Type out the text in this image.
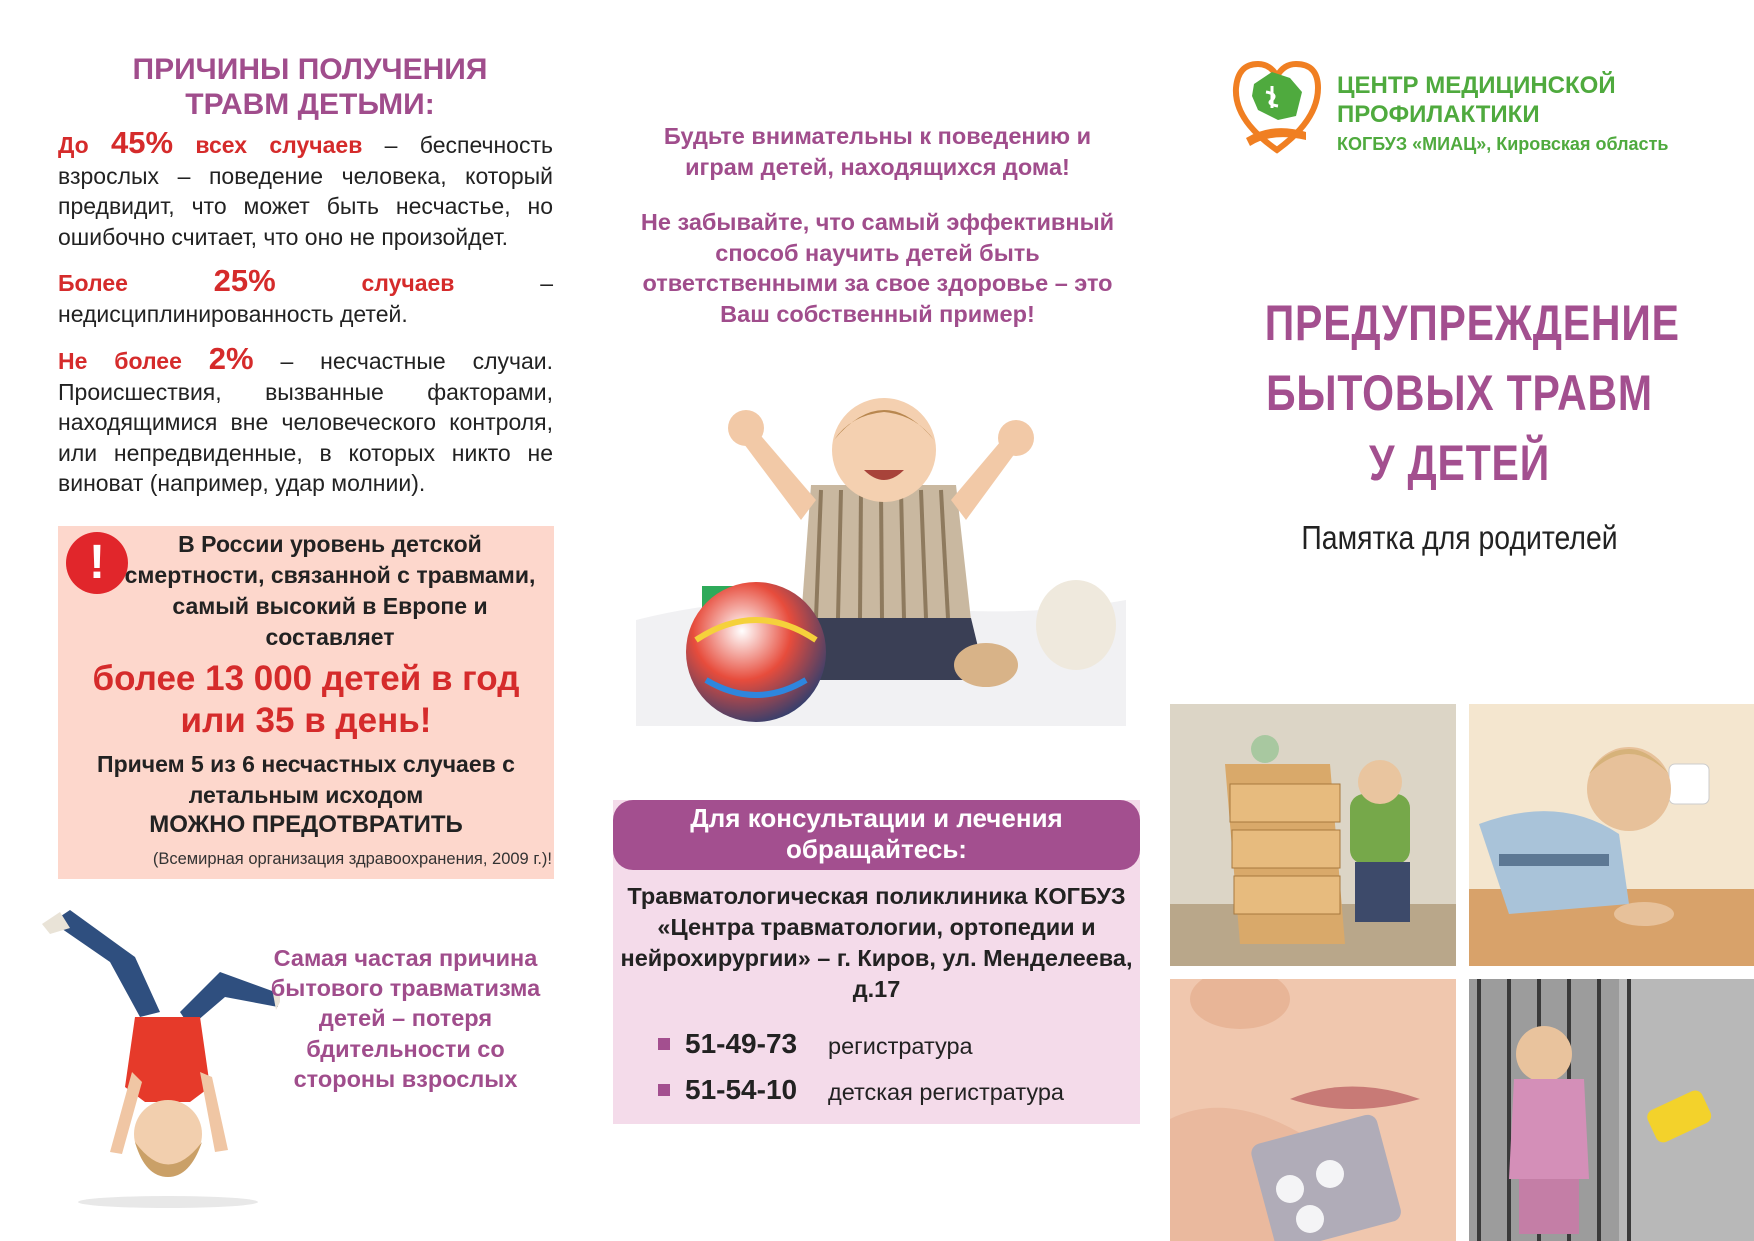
ПРИЧИНЫ ПОЛУЧЕНИЯ ТРАВМ ДЕТЬМИ:
До 45% всех случаев – беспечность взрослых – поведение человека, который предвидит, что может быть несчастье, но ошибочно считает, что оно не произойдет.
Более 25% случаев – недисциплинированность детей.
Не более 2% – несчастные случаи. Происшествия, вызванные факторами, находящимися вне человеческого контроля, или непредвиденные, в которых никто не виноват (например, удар молнии).
!	В России уровень детской смертности, связанной с травмами, самый высокий в Европе и составляет
более 13 000 детей в год или 35 в день!
Причем 5 из 6 несчастных случаев с летальным исходом
МОЖНО ПРЕДОТВРАТИТЬ
(Всемирная организация здравоохранения, 2009 г.)!
Самая частая причина бытового травматизма детей – потеря бдительности со стороны взрослых
Будьте внимательны к поведению и играм детей, находящихся дома!
Не забывайте, что самый эффективный способ научить детей быть ответственными за свое здоровье – это Ваш собственный пример!
Для консультации и лечения обращайтесь:
Травматологическая поликлиника КОГБУЗ «Центра травматологии, ортопедии и нейрохирургии» – г. Киров, ул. Менделеева, д.17
51-49-73 регистратура
51-54-10 детская регистратура
ЦЕНТР МЕДИЦИНСКОЙ ПРОФИЛАКТИКИ
КОГБУЗ «МИАЦ», Кировская область
ПРЕДУПРЕЖДЕНИЕ БЫТОВЫХ ТРАВМ У ДЕТЕЙ
Памятка для родителей
